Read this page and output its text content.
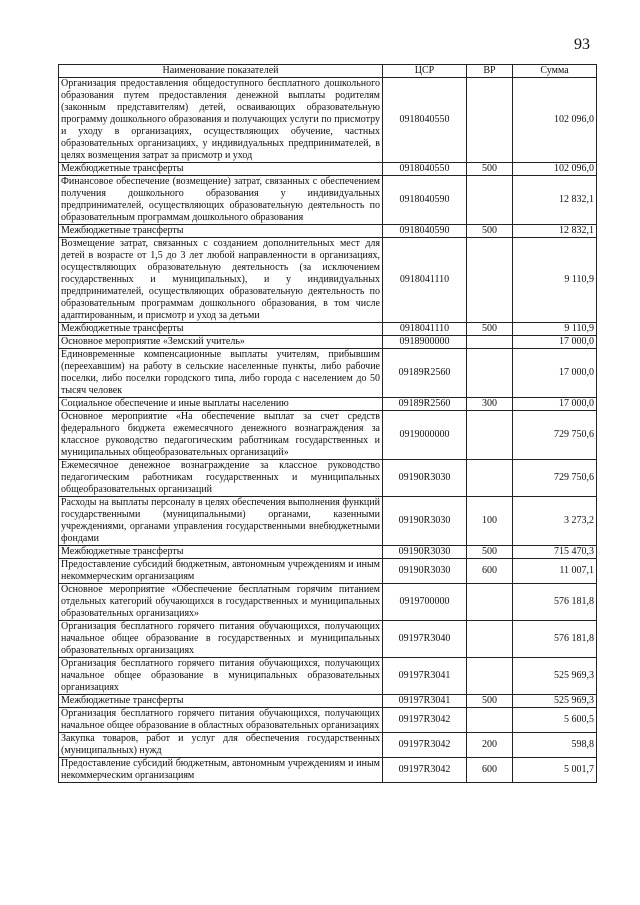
93
Наименование показателей	ЦСР	ВР	Сумма
Организация предоставления общедоступного бесплатного дошкольного образования путем предоставления денежной выплаты родителям (законным представителям) детей, осваивающих образовательную программу дошкольного образования и получающих услуги по присмотру и уходу в организациях, осуществляющих обучение, частных образовательных организациях, у индивидуальных предпринимателей, в целях возмещения затрат за присмотр и уход	0918040550		102 096,0
Межбюджетные трансферты	0918040550	500	102 096,0
Финансовое обеспечение (возмещение) затрат, связанных с обеспечением получения дошкольного образования у индивидуальных предпринимателей, осуществляющих образовательную деятельность по образовательным программам дошкольного образования	0918040590		12 832,1
Межбюджетные трансферты	0918040590	500	12 832,1
Возмещение затрат, связанных с созданием дополнительных мест для детей в возрасте от 1,5 до 3 лет любой направленности в организациях, осуществляющих образовательную деятельность (за исключением государственных и муниципальных), и у индивидуальных предпринимателей, осуществляющих образовательную деятельность по образовательным программам дошкольного образования, в том числе адаптированным, и присмотр и уход за детьми	0918041110		9 110,9
Межбюджетные трансферты	0918041110	500	9 110,9
Основное мероприятие «Земский учитель»	0918900000		17 000,0
Единовременные компенсационные выплаты учителям, прибывшим (переехавшим) на работу в сельские населенные пункты, либо рабочие поселки, либо поселки городского типа, либо города с населением до 50 тысяч человек	09189R2560		17 000,0
Социальное обеспечение и иные выплаты населению	09189R2560	300	17 000,0
Основное мероприятие «На обеспечение выплат за счет средств федерального бюджета ежемесячного денежного вознаграждения за классное руководство педагогическим работникам государственных и муниципальных общеобразовательных организаций»	0919000000		729 750,6
Ежемесячное денежное вознаграждение за классное руководство педагогическим работникам государственных и муниципальных общеобразовательных организаций	09190R3030		729 750,6
Расходы на выплаты персоналу в целях обеспечения выполнения функций государственными (муниципальными) органами, казенными учреждениями, органами управления государственными внебюджетными фондами	09190R3030	100	3 273,2
Межбюджетные трансферты	09190R3030	500	715 470,3
Предоставление субсидий бюджетным, автономным учреждениям и иным некоммерческим организациям	09190R3030	600	11 007,1
Основное мероприятие «Обеспечение бесплатным горячим питанием отдельных категорий обучающихся в государственных и муниципальных образовательных организациях»	0919700000		576 181,8
Организация бесплатного горячего питания обучающихся, получающих начальное общее образование в государственных и муниципальных образовательных организациях	09197R3040		576 181,8
Организация бесплатного горячего питания обучающихся, получающих начальное общее образование в муниципальных образовательных организациях	09197R3041		525 969,3
Межбюджетные трансферты	09197R3041	500	525 969,3
Организация бесплатного горячего питания обучающихся, получающих начальное общее образование в областных образовательных организациях	09197R3042		5 600,5
Закупка товаров, работ и услуг для обеспечения государственных (муниципальных) нужд	09197R3042	200	598,8
Предоставление субсидий бюджетным, автономным учреждениям и иным некоммерческим организациям	09197R3042	600	5 001,7
